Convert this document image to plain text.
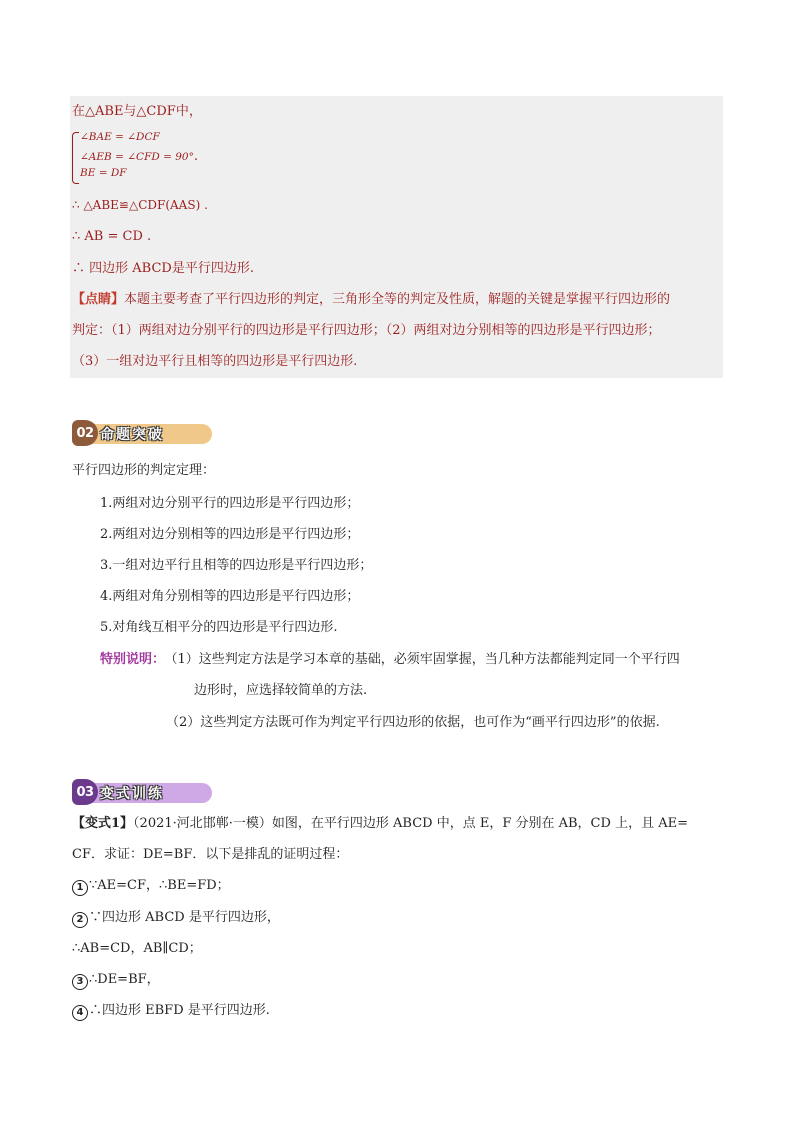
在△ABE与△CDF中，
∠BAE = ∠DCF
∠AEB = ∠CFD = 90°.
BE = DF
∴ △ABE≌△CDF(AAS) .
∴ AB = CD .
∴ 四边形 ABCD是平行四边形.
【点睛】本题主要考查了平行四边形的判定，三角形全等的判定及性质，解题的关键是掌握平行四边形的
判定：（1）两组对边分别平行的四边形是平行四边形；（2）两组对边分别相等的四边形是平行四边形；
（3）一组对边平行且相等的四边形是平行四边形.
命题突破
02
平行四边形的判定定理：
1.两组对边分别平行的四边形是平行四边形；
2.两组对边分别相等的四边形是平行四边形；
3.一组对边平行且相等的四边形是平行四边形；
4.两组对角分别相等的四边形是平行四边形；
5.对角线互相平分的四边形是平行四边形.
特别说明： （1）这些判定方法是学习本章的基础，必须牢固掌握，当几种方法都能判定同一个平行四
边形时，应选择较简单的方法.
（2）这些判定方法既可作为判定平行四边形的依据，也可作为“画平行四边形”的依据.
变式训练
03
【变式1】（2021·河北邯郸·一模）如图，在平行四边形 ABCD 中，点 E，F 分别在 AB，CD 上，且 AE=
CF．求证：DE=BF．以下是排乱的证明过程：
1 ∵AE=CF，∴BE=FD；
2 ∵四边形 ABCD 是平行四边形，
∴AB=CD，AB∥CD；
3 ∴DE=BF，
4 ∴四边形 EBFD 是平行四边形.
